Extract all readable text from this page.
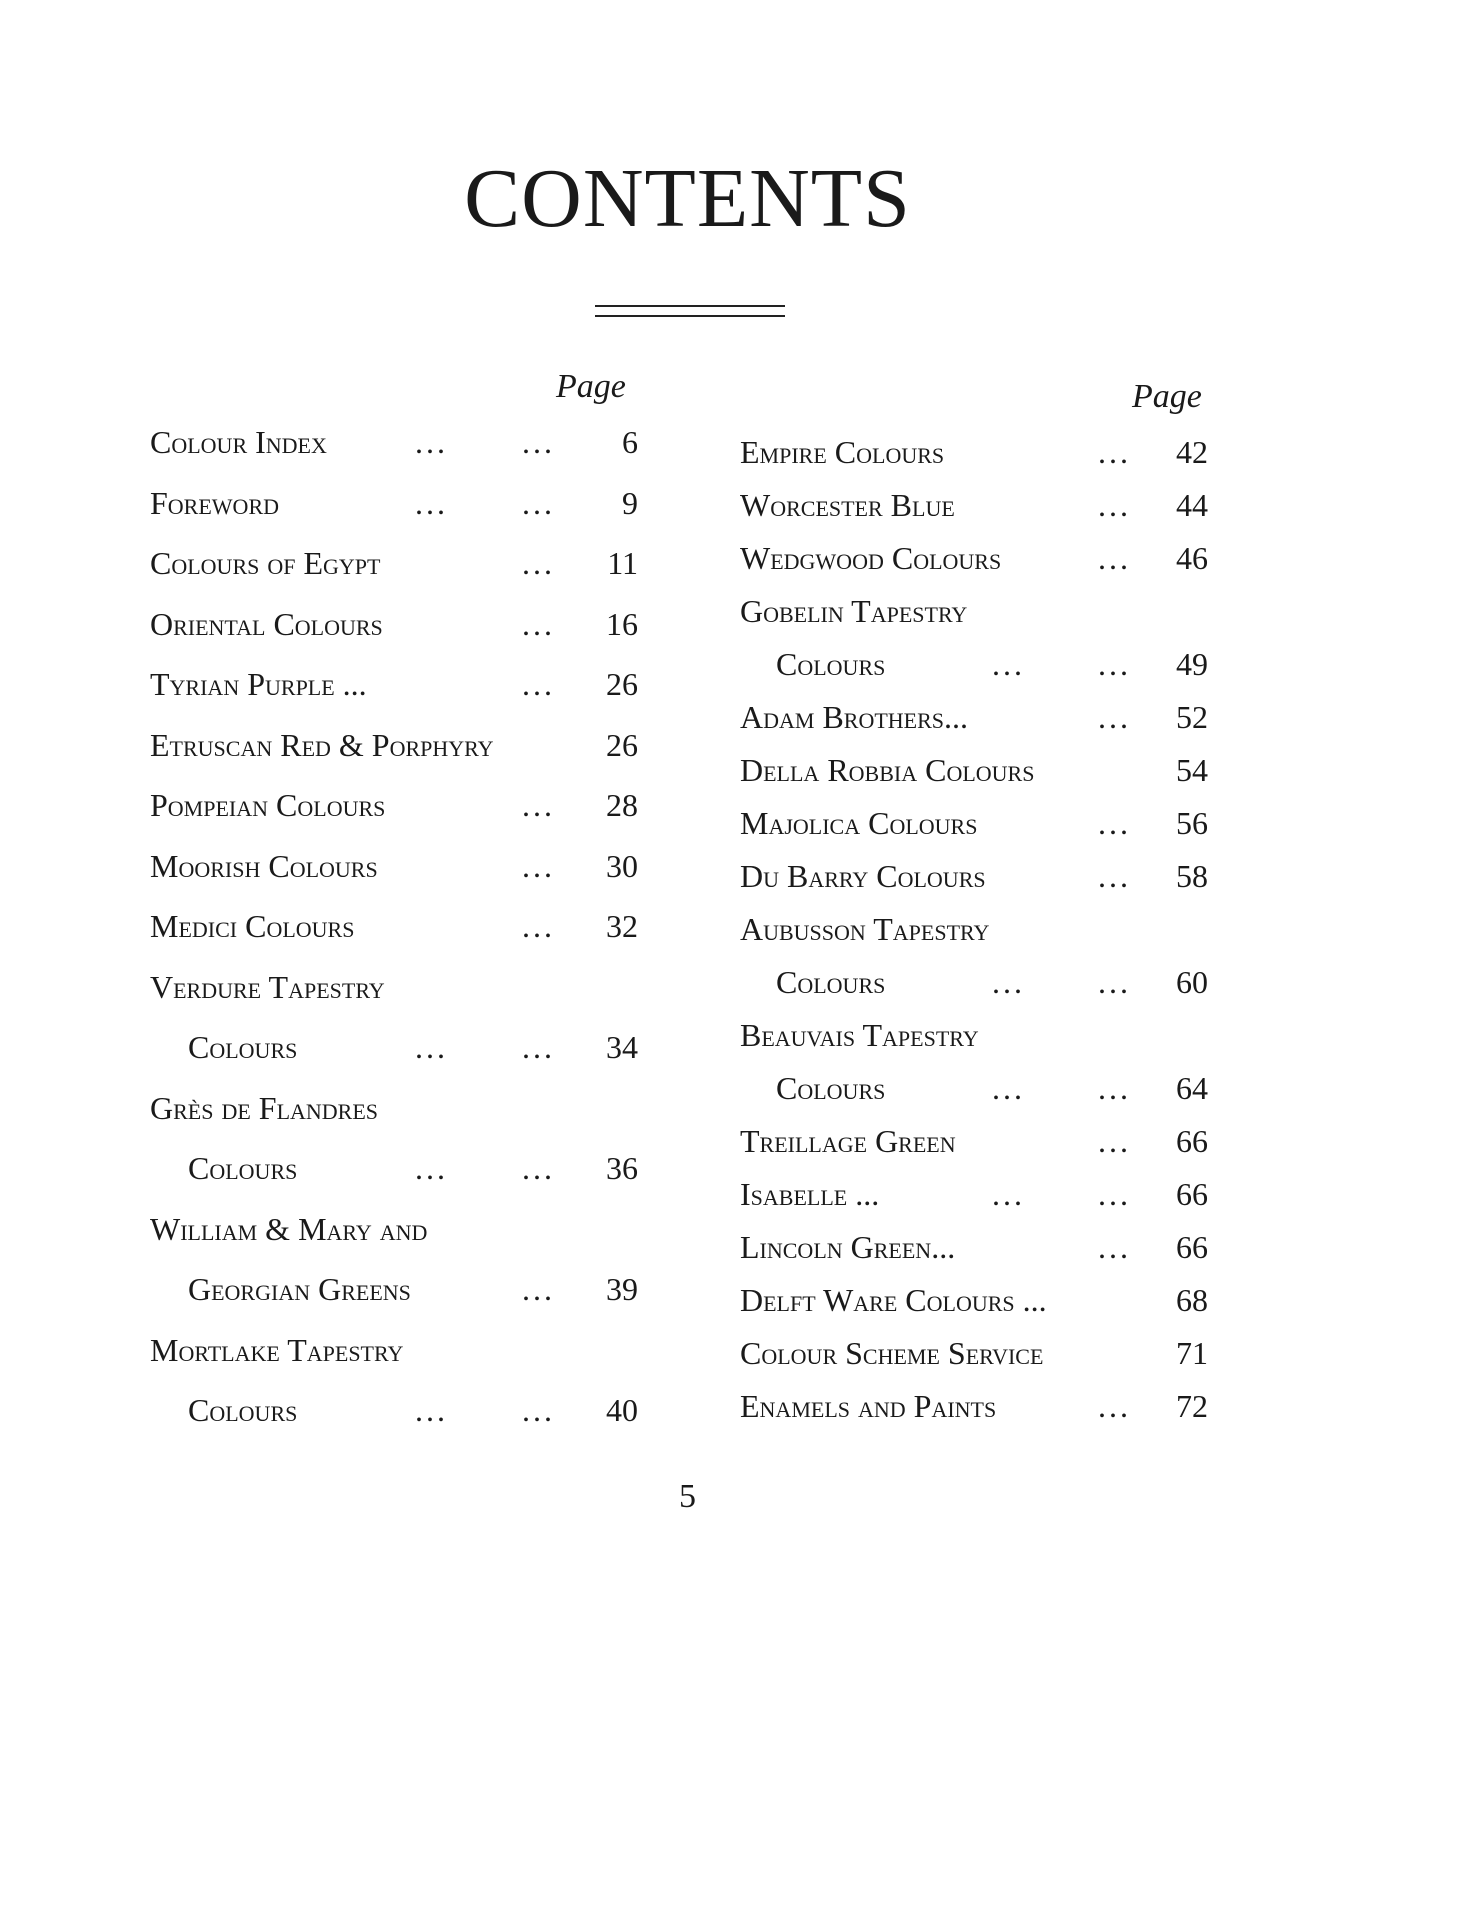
CONTENTS
Page	Page
Colour Index	... ... 6
Foreword	... ... 9
Colours of Egypt	... 11
Oriental Colours	... 16
Tyrian Purple ...	... 26
Etruscan Red & Porphyry	26
Pompeian Colours	... 28
Moorish Colours	... 30
Medici Colours	... 32
Verdure Tapestry
Colours	... ... 34
Grès de Flandres
Colours	... ... 36
William & Mary and
Georgian Greens	... 39
Mortlake Tapestry
Colours	... ... 40
Empire Colours	... 42
Worcester Blue	... 44
Wedgwood Colours	... 46
Gobelin Tapestry
Colours	... ... 49
Adam Brothers...	... 52
Della Robbia Colours	54
Majolica Colours	... 56
Du Barry Colours	... 58
Aubusson Tapestry
Colours	... ... 60
Beauvais Tapestry
Colours	... ... 64
Treillage Green	... 66
Isabelle ...	... ... 66
Lincoln Green...	... 66
Delft Ware Colours ...	68
Colour Scheme Service	71
Enamels and Paints	... 72
5
